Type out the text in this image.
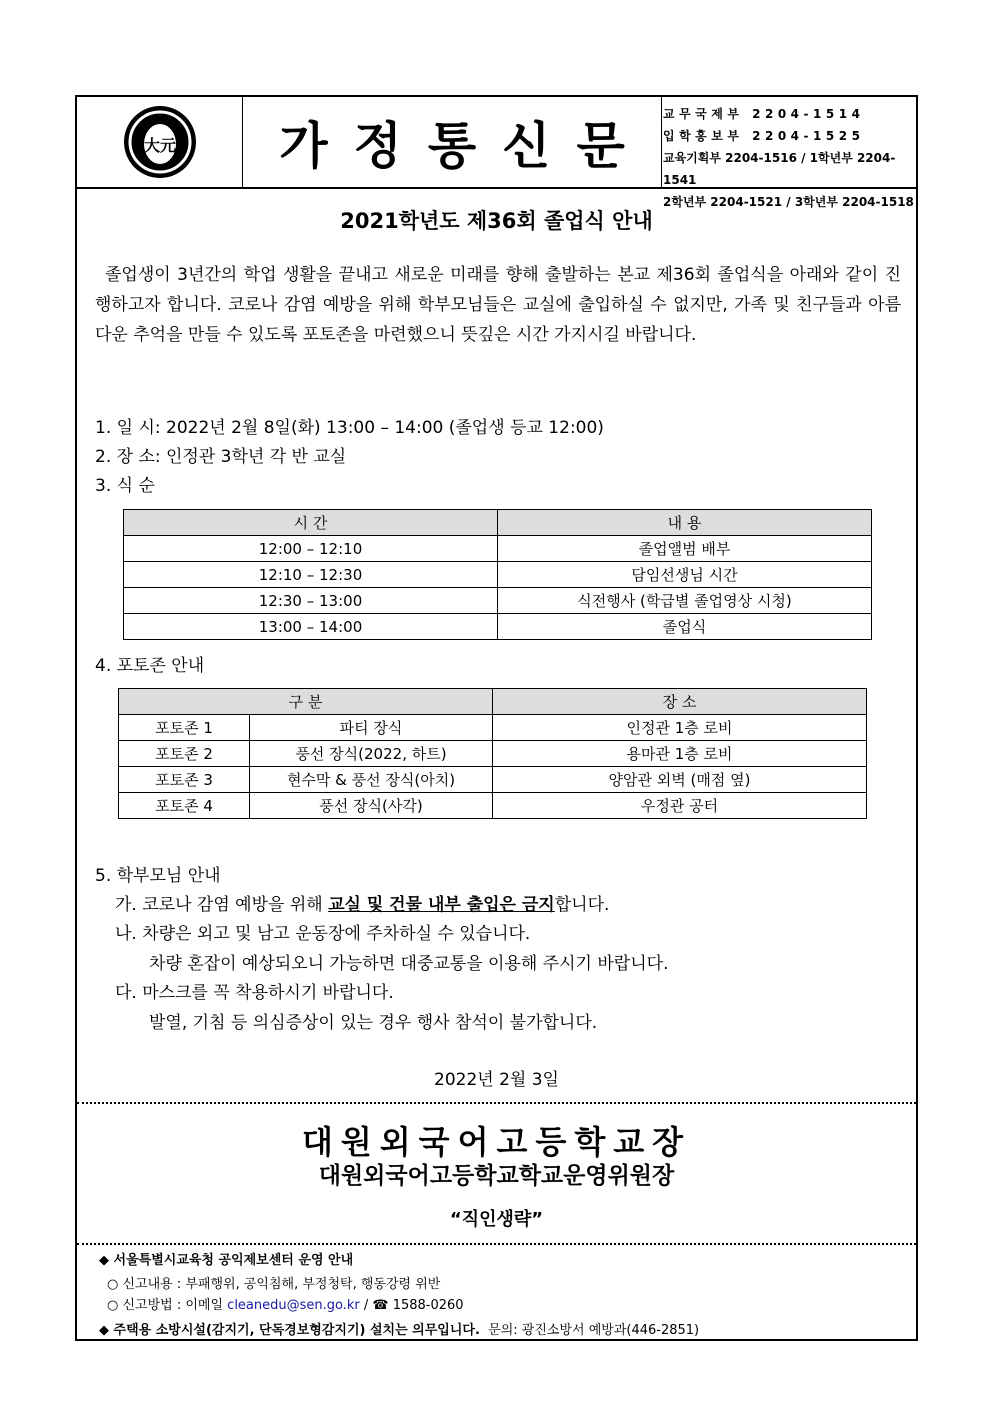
大元	가정통신문
교무국제부 2204-1514
입학홍보부 2204-1525
교육기획부 2204-1516 / 1학년부 2204-1541
2학년부 2204-1521 / 3학년부 2204-1518
2021학년도 제36회 졸업식 안내
졸업생이 3년간의 학업 생활을 끝내고 새로운 미래를 향해 출발하는 본교 제36회 졸업식을 아래와 같이 진행하고자 합니다. 코로나 감염 예방을 위해 학부모님들은 교실에 출입하실 수 없지만, 가족 및 친구들과 아름다운 추억을 만들 수 있도록 포토존을 마련했으니 뜻깊은 시간 가지시길 바랍니다.
1. 일 시: 2022년 2월 8일(화) 13:00 – 14:00 (졸업생 등교 12:00)
2. 장 소: 인정관 3학년 각 반 교실
3. 식 순
시 간	내 용
12:00 – 12:10	졸업앨범 배부
12:10 – 12:30	담임선생님 시간
12:30 – 13:00	식전행사 (학급별 졸업영상 시청)
13:00 – 14:00	졸업식
4. 포토존 안내
구 분		장 소
포토존 1	파티 장식	인정관 1층 로비
포토존 2	풍선 장식(2022, 하트)	용마관 1층 로비
포토존 3	현수막 & 풍선 장식(아치)	양암관 외벽 (매점 옆)
포토존 4	풍선 장식(사각)	우정관 공터
5. 학부모님 안내
가. 코로나 감염 예방을 위해 교실 및 건물 내부 출입은 금지합니다.
나. 차량은 외고 및 남고 운동장에 주차하실 수 있습니다.
차량 혼잡이 예상되오니 가능하면 대중교통을 이용해 주시기 바랍니다.
다. 마스크를 꼭 착용하시기 바랍니다.
발열, 기침 등 의심증상이 있는 경우 행사 참석이 불가합니다.
2022년 2월 3일
대원외국어고등학교장
대원외국어고등학교학교운영위원장
“직인생략”
◆ 서울특별시교육청 공익제보센터 운영 안내
○ 신고내용 : 부패행위, 공익침해, 부정청탁, 행동강령 위반
○ 신고방법 : 이메일 cleanedu@sen.go.kr / ☎ 1588-0260
◆ 주택용 소방시설(감지기, 단독경보형감지기) 설치는 의무입니다. 문의: 광진소방서 예방과(446-2851)
